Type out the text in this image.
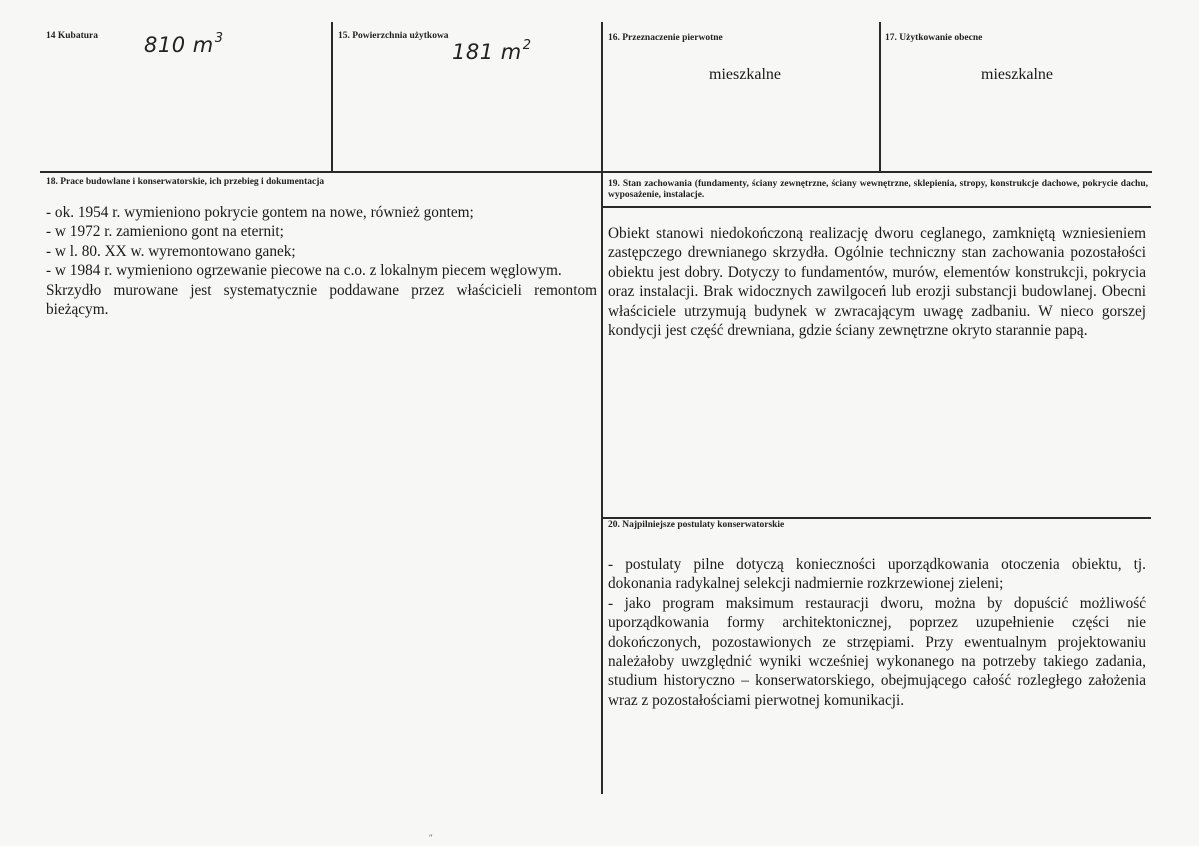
14 Kubatura 810 $m^3$	15. Powierzchnia użytkowa
181 $m^2$	16. Przeznaczenie pierwotne
mieszkalne
17. Użytkowanie obecne
mieszkalne
18. Prace budowlane i konserwatorskie, ich przebieg i dokumentacja

- ok. 1954 r. wymieniono pokrycie gontem na nowe, również gontem;

- w 1972 r. zamieniono gont na eternit;

- w l. 80. XX w. wyremontowano ganek;

- w 1984 r. wymieniono ogrzewanie piecowe na c.o. z lokalnym piecem węglowym.

Skrzydło murowane jest systematycznie poddawane przez właścicieli remontom bieżącym.

19. Stan zachowania (fundamenty, ściany zewnętrzne, ściany wewnętrzne, sklepienia, stropy, konstrukcje dachowe, pokrycie dachu, wyposażenie, instalacje.
Obiekt stanowi niedokończoną realizację dworu ceglanego, zamkniętą wzniesieniem zastępczego drewnianego skrzydła. Ogólnie techniczny stan zachowania pozostałości obiektu jest dobry. Dotyczy to fundamentów, murów, elementów konstrukcji, pokrycia oraz instalacji. Brak widocznych zawilgoceń lub erozji substancji budowlanej. Obecni właściciele utrzymują budynek w zwracającym uwagę zadbaniu. W nieco gorszej kondycji jest część drewniana, gdzie ściany zewnętrzne okryto starannie papą.
20. Najpilniejsze postulaty konserwatorskie

- postulaty pilne dotyczą konieczności uporządkowania otoczenia obiektu, tj. dokonania radykalnej selekcji nadmiernie rozkrzewionej zieleni;

- jako program maksimum restauracji dworu, można by dopuścić możliwość uporządkowania formy architektonicznej, poprzez uzupełnienie części nie dokończonych, pozostawionych ze strzępiami. Przy ewentualnym projektowaniu należałoby uwzględnić wyniki wcześniej wykonanego na potrzeby takiego zadania, studium historyczno – konserwatorskiego, obejmującego całość rozległego założenia wraz z pozostałościami pierwotnej komunikacji.

″
